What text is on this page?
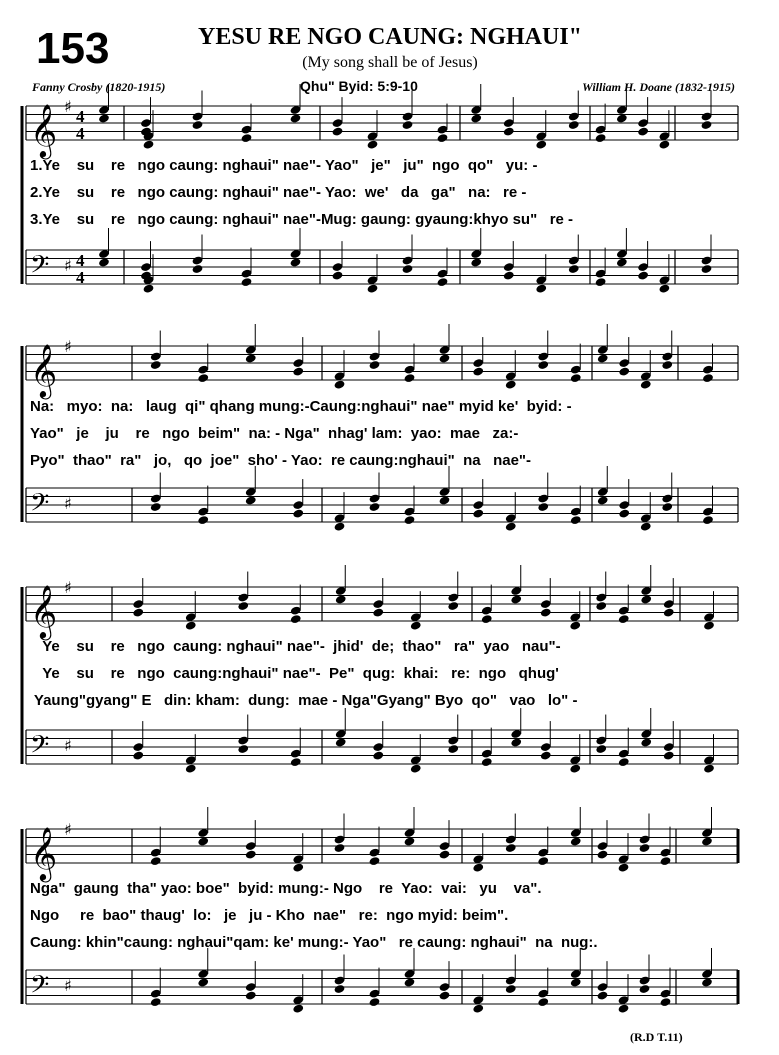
153	YESU RE NGO CAUNG: NGHAUI"
(My song shall be of Jesus)
Fanny Crosby (1820-1915)	Qhu" Byid: 5:9-10	William H. Doane (1832-1915)
𝄞 ♯
4
4
𝄢 ♯ 4
4
𝄞 ♯
𝄢 ♯
𝄞 ♯
𝄢 ♯
𝄞 ♯
𝄢 ♯
1.Ye    su    re   ngo caung: nghaui" nae"- Yao"   je"   ju"  ngo  qo"   yu: -
2.Ye    su    re   ngo caung: nghaui" nae"- Yao:  we'   da   ga"   na:   re -
3.Ye    su    re   ngo caung: nghaui" nae"-Mug: gaung: gyaung:khyo su"   re -
Na:   myo:  na:   laug  qi" qhang mung:-Caung:nghaui" nae" myid ke'  byid: -
Yao"   je    ju    re   ngo  beim"  na: - Nga"  nhag' lam:  yao:  mae   za:-
Pyo"  thao"  ra"   jo,   qo  joe"  sho' - Yao:  re caung:nghaui"  na   nae"-
Ye    su    re   ngo  caung: nghaui" nae"-  jhid'  de;  thao"   ra"  yao   nau"-
Ye    su    re   ngo  caung:nghaui" nae"-  Pe"  qug:  khai:   re:  ngo   qhug'
Yaung"gyang" E   din: kham:  dung:  mae - Nga"Gyang" Byo  qo"   vao   lo" -
Nga"  gaung  tha" yao: boe"  byid: mung:- Ngo    re  Yao:  vai:   yu    va".
Ngo     re  bao" thaug'  lo:   je   ju - Kho  nae"   re:  ngo myid: beim".
Caung: khin"caung: nghaui"qam: ke' mung:- Yao"   re caung: nghaui"  na  nug:.
(R.D T.11)
